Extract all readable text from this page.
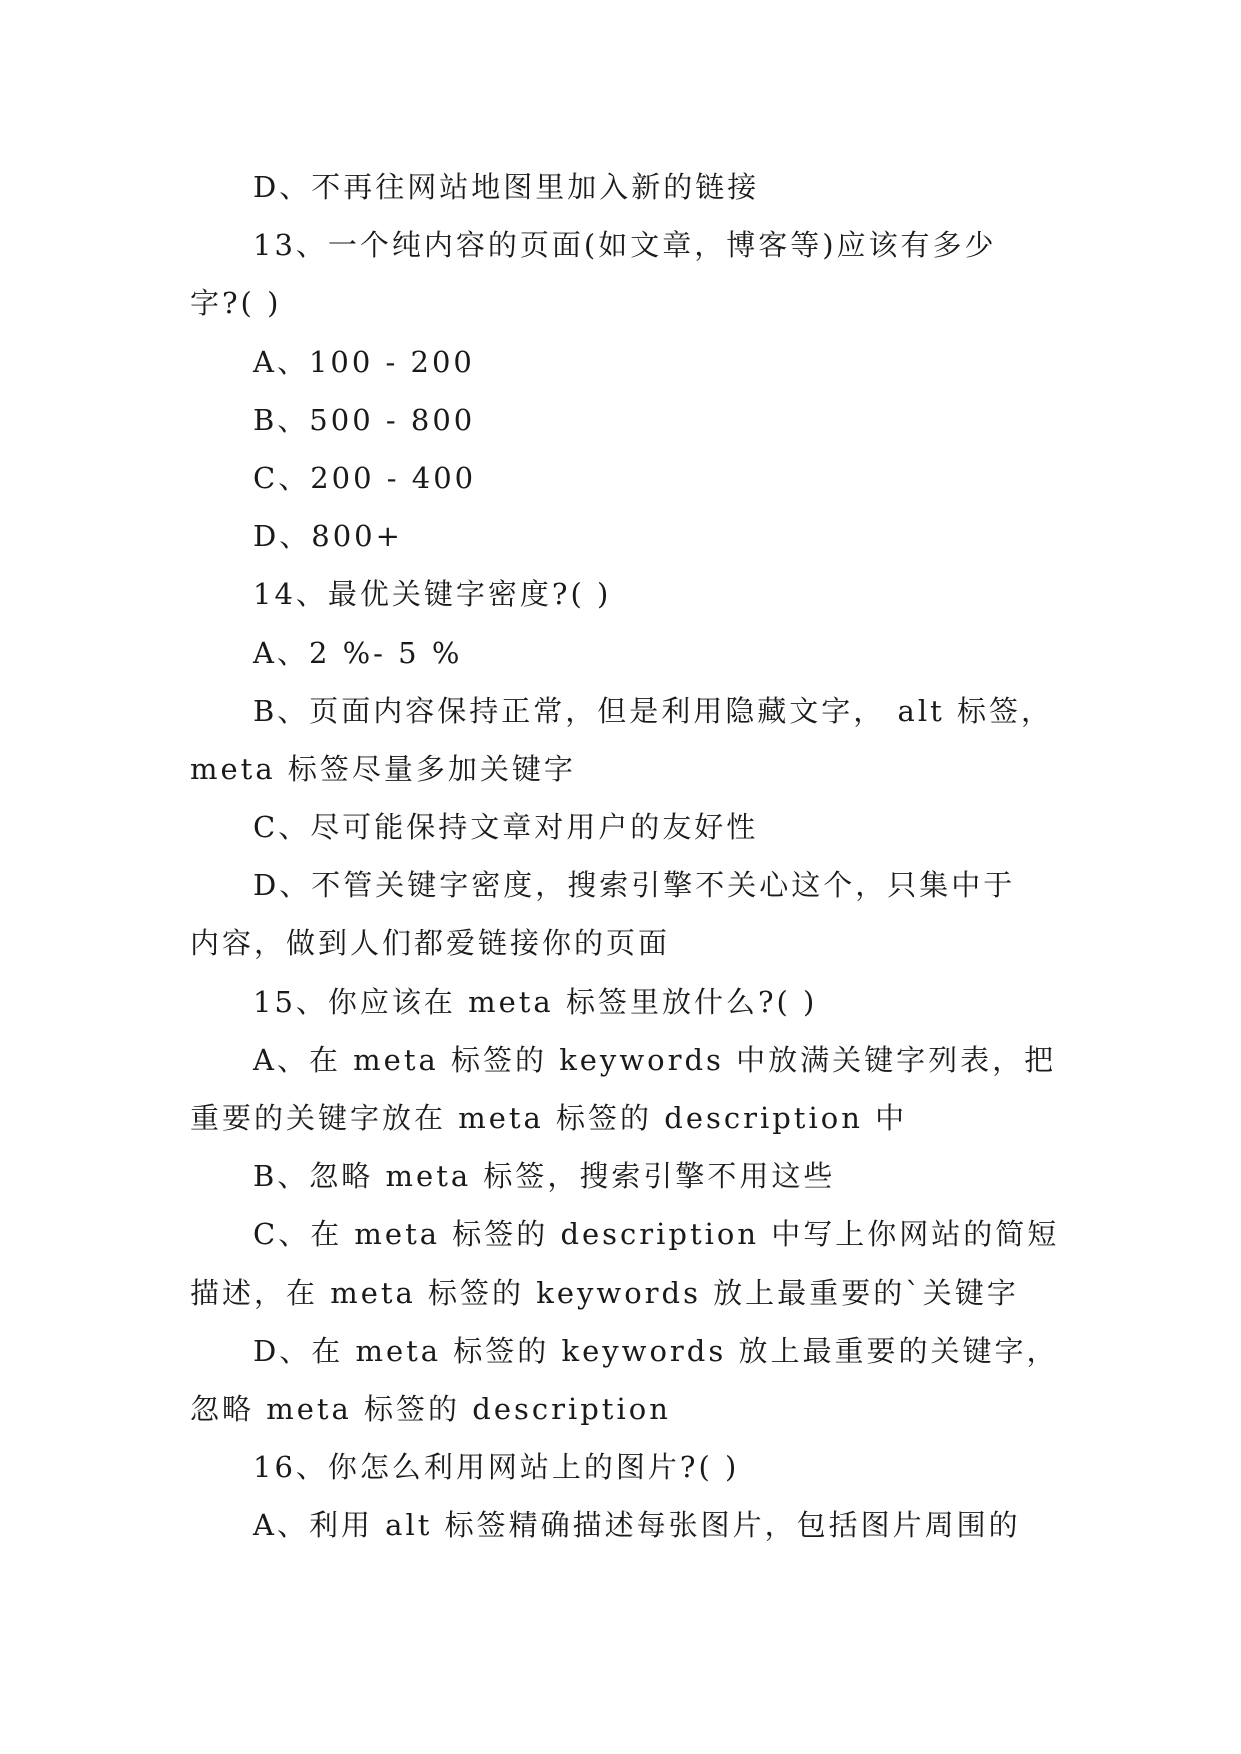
D、不再往网站地图里加入新的链接
13、一个纯内容的页面(如文章，博客等)应该有多少
字?( )
A、100 - 200
B、500 - 800
C、200 - 400
D、800+
14、最优关键字密度?( )
A、2 %- 5 %
B、页面内容保持正常，但是利用隐藏文字， alt 标签，
meta 标签尽量多加关键字
C、尽可能保持文章对用户的友好性
D、不管关键字密度，搜索引擎不关心这个，只集中于
内容，做到人们都爱链接你的页面
15、你应该在 meta 标签里放什么?( )
A、在 meta 标签的 keywords 中放满关键字列表，把
重要的关键字放在 meta 标签的 description 中
B、忽略 meta 标签，搜索引擎不用这些
C、在 meta 标签的 description 中写上你网站的简短
描述，在 meta 标签的 keywords 放上最重要的`关键字
D、在 meta 标签的 keywords 放上最重要的关键字，
忽略 meta 标签的 description
16、你怎么利用网站上的图片?( )
A、利用 alt 标签精确描述每张图片，包括图片周围的
